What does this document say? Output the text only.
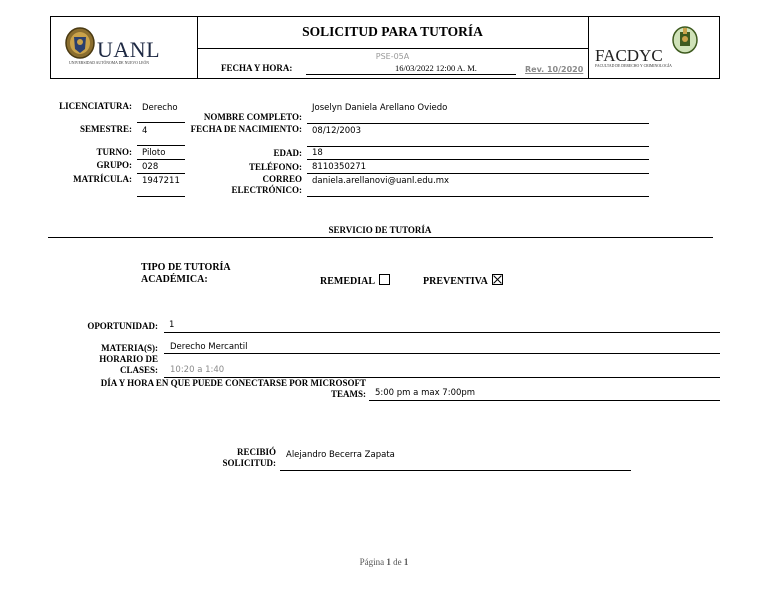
UANL
UNIVERSIDAD AUTÓNOMA DE NUEVO LEÓN
SOLICITUD PARA TUTORÍA
PSE-05A
FECHA Y HORA:	16/03/2022 12:00 A. M.	Rev. 10/2020
FACDYC
FACULTAD DE DERECHO Y CRIMINOLOGÍA
LICENCIATURA: Derecho
SEMESTRE: 4
TURNO: Piloto
GRUPO: 028
MATRÍCULA: 1947211
NOMBRE COMPLETO:
Joselyn Daniela Arellano Oviedo
FECHA DE NACIMIENTO: 08/12/2003
EDAD: 18
TELÉFONO: 8110350271
CORREO ELECTRÓNICO:
daniela.arellanovi@uanl.edu.mx
SERVICIO DE TUTORÍA
TIPO DE TUTORÍA
ACADÉMICA:	REMEDIAL	PREVENTIVA
OPORTUNIDAD: 1
MATERIA(S): Derecho Mercantil
HORARIO DE
CLASES: 10:20 a 1:40
DÍA Y HORA EN QUE PUEDE CONECTARSE POR MICROSOFT
TEAMS: 5:00 pm a max 7:00pm
RECIBIÓ
SOLICITUD:
Alejandro Becerra Zapata
Página 1 de 1
